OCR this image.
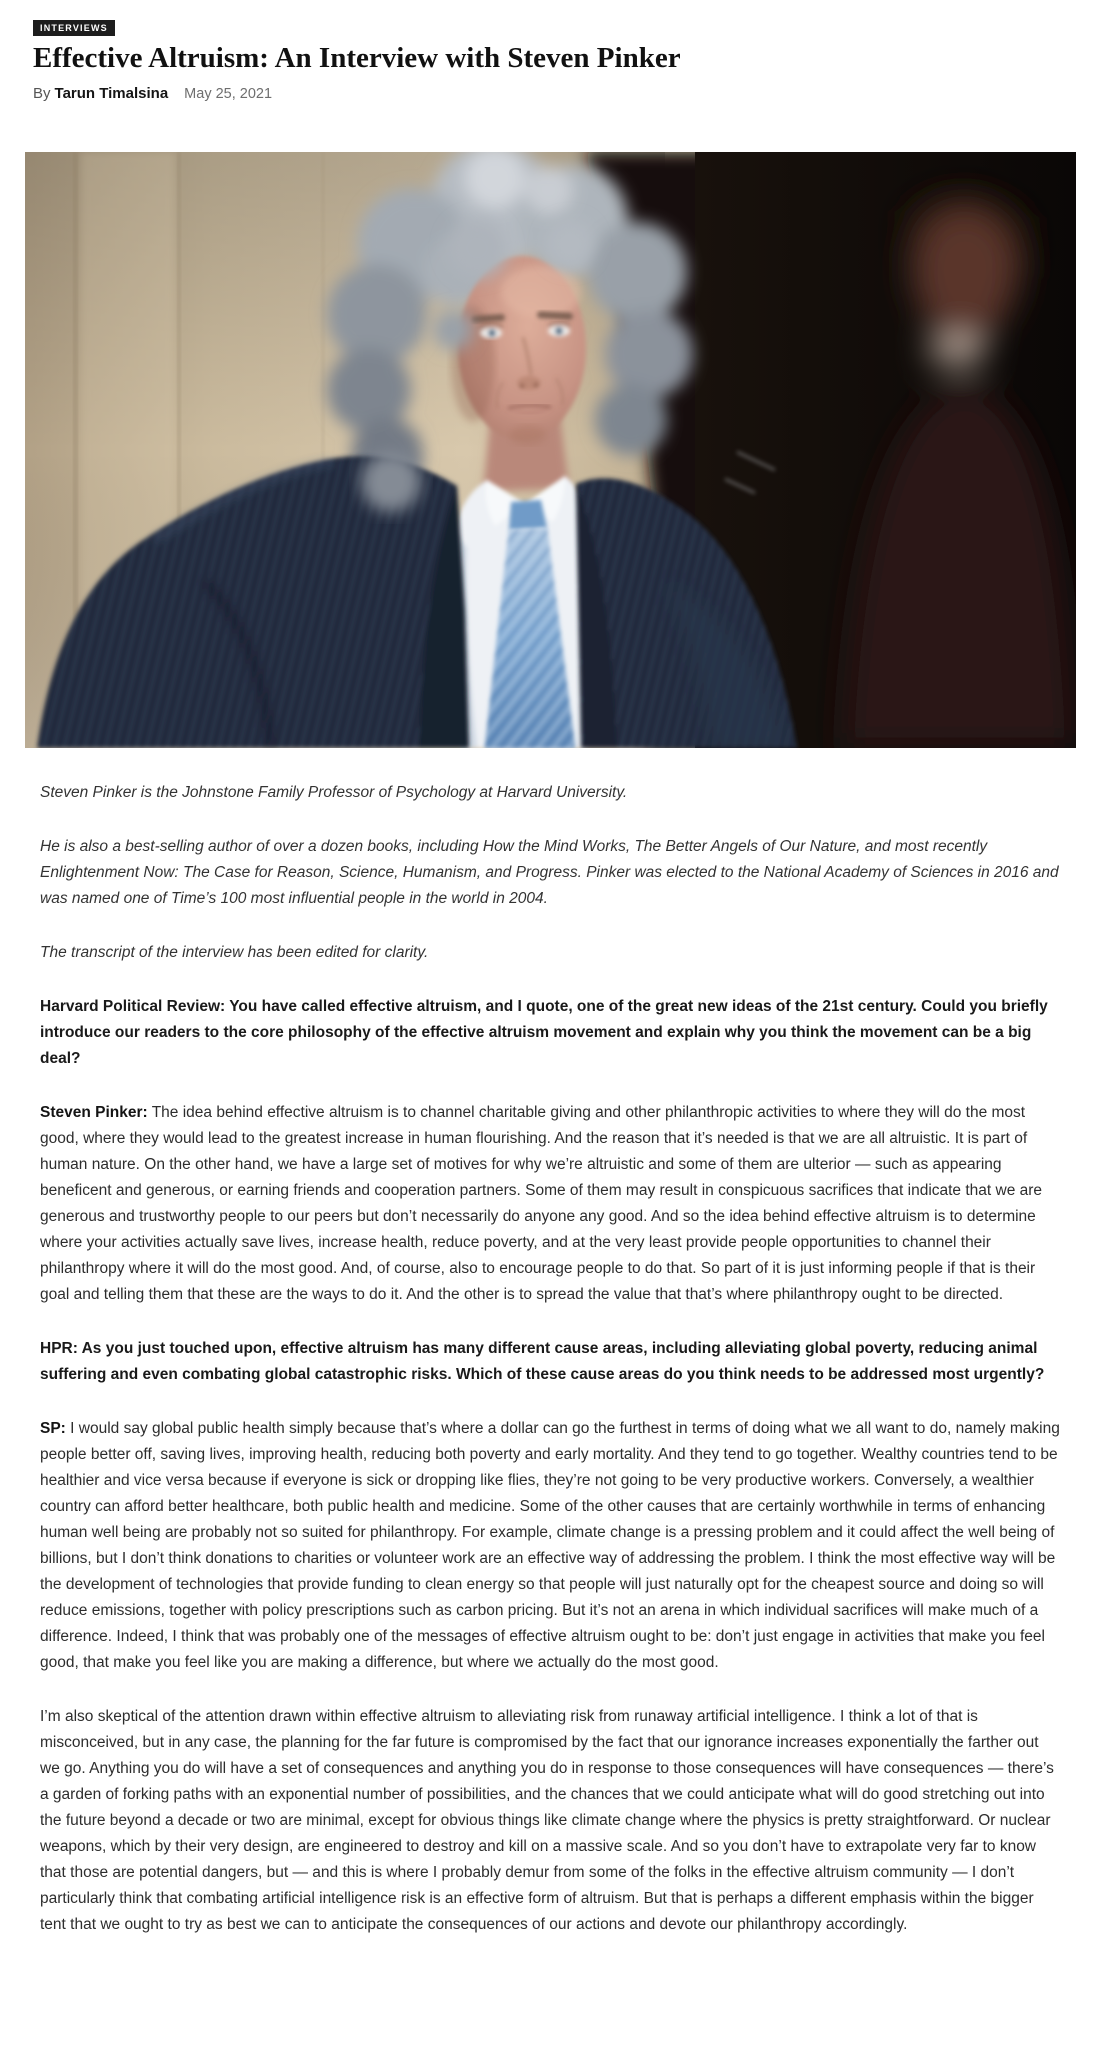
INTERVIEWS
Effective Altruism: An Interview with Steven Pinker
By Tarun Timalsina May 25, 2021

Steven Pinker is the Johnstone Family Professor of Psychology at Harvard University.

He is also a best-selling author of over a dozen books, including How the Mind Works, The Better Angels of Our Nature, and most recently Enlightenment Now: The Case for Reason, Science, Humanism, and Progress. Pinker was elected to the National Academy of Sciences in 2016 and was named one of Time’s 100 most influential people in the world in 2004.

The transcript of the interview has been edited for clarity.

Harvard Political Review: You have called effective altruism, and I quote, one of the great new ideas of the 21st century. Could you briefly introduce our readers to the core philosophy of the effective altruism movement and explain why you think the movement can be a big deal?

Steven Pinker: The idea behind effective altruism is to channel charitable giving and other philanthropic activities to where they will do the most good, where they would lead to the greatest increase in human flourishing. And the reason that it’s needed is that we are all altruistic. It is part of human nature. On the other hand, we have a large set of motives for why we’re altruistic and some of them are ulterior — such as appearing beneficent and generous, or earning friends and cooperation partners. Some of them may result in conspicuous sacrifices that indicate that we are generous and trustworthy people to our peers but don’t necessarily do anyone any good. And so the idea behind effective altruism is to determine where your activities actually save lives, increase health, reduce poverty, and at the very least provide people opportunities to channel their philanthropy where it will do the most good. And, of course, also to encourage people to do that. So part of it is just informing people if that is their goal and telling them that these are the ways to do it. And the other is to spread the value that that’s where philanthropy ought to be directed.

HPR: As you just touched upon, effective altruism has many different cause areas, including alleviating global poverty, reducing animal suffering and even combating global catastrophic risks. Which of these cause areas do you think needs to be addressed most urgently?

SP: I would say global public health simply because that’s where a dollar can go the furthest in terms of doing what we all want to do, namely making people better off, saving lives, improving health, reducing both poverty and early mortality. And they tend to go together. Wealthy countries tend to be healthier and vice versa because if everyone is sick or dropping like flies, they’re not going to be very productive workers. Conversely, a wealthier country can afford better healthcare, both public health and medicine. Some of the other causes that are certainly worthwhile in terms of enhancing human well being are probably not so suited for philanthropy. For example, climate change is a pressing problem and it could affect the well being of billions, but I don’t think donations to charities or volunteer work are an effective way of addressing the problem. I think the most effective way will be the development of technologies that provide funding to clean energy so that people will just naturally opt for the cheapest source and doing so will reduce emissions, together with policy prescriptions such as carbon pricing. But it’s not an arena in which individual sacrifices will make much of a difference. Indeed, I think that was probably one of the messages of effective altruism ought to be: don’t just engage in activities that make you feel good, that make you feel like you are making a difference, but where we actually do the most good.

I’m also skeptical of the attention drawn within effective altruism to alleviating risk from runaway artificial intelligence. I think a lot of that is misconceived, but in any case, the planning for the far future is compromised by the fact that our ignorance increases exponentially the farther out we go. Anything you do will have a set of consequences and anything you do in response to those consequences will have consequences — there’s a garden of forking paths with an exponential number of possibilities, and the chances that we could anticipate what will do good stretching out into the future beyond a decade or two are minimal, except for obvious things like climate change where the physics is pretty straightforward. Or nuclear weapons, which by their very design, are engineered to destroy and kill on a massive scale. And so you don’t have to extrapolate very far to know that those are potential dangers, but — and this is where I probably demur from some of the folks in the effective altruism community — I don’t particularly think that combating artificial intelligence risk is an effective form of altruism. But that is perhaps a different emphasis within the bigger tent that we ought to try as best we can to anticipate the consequences of our actions and devote our philanthropy accordingly.
